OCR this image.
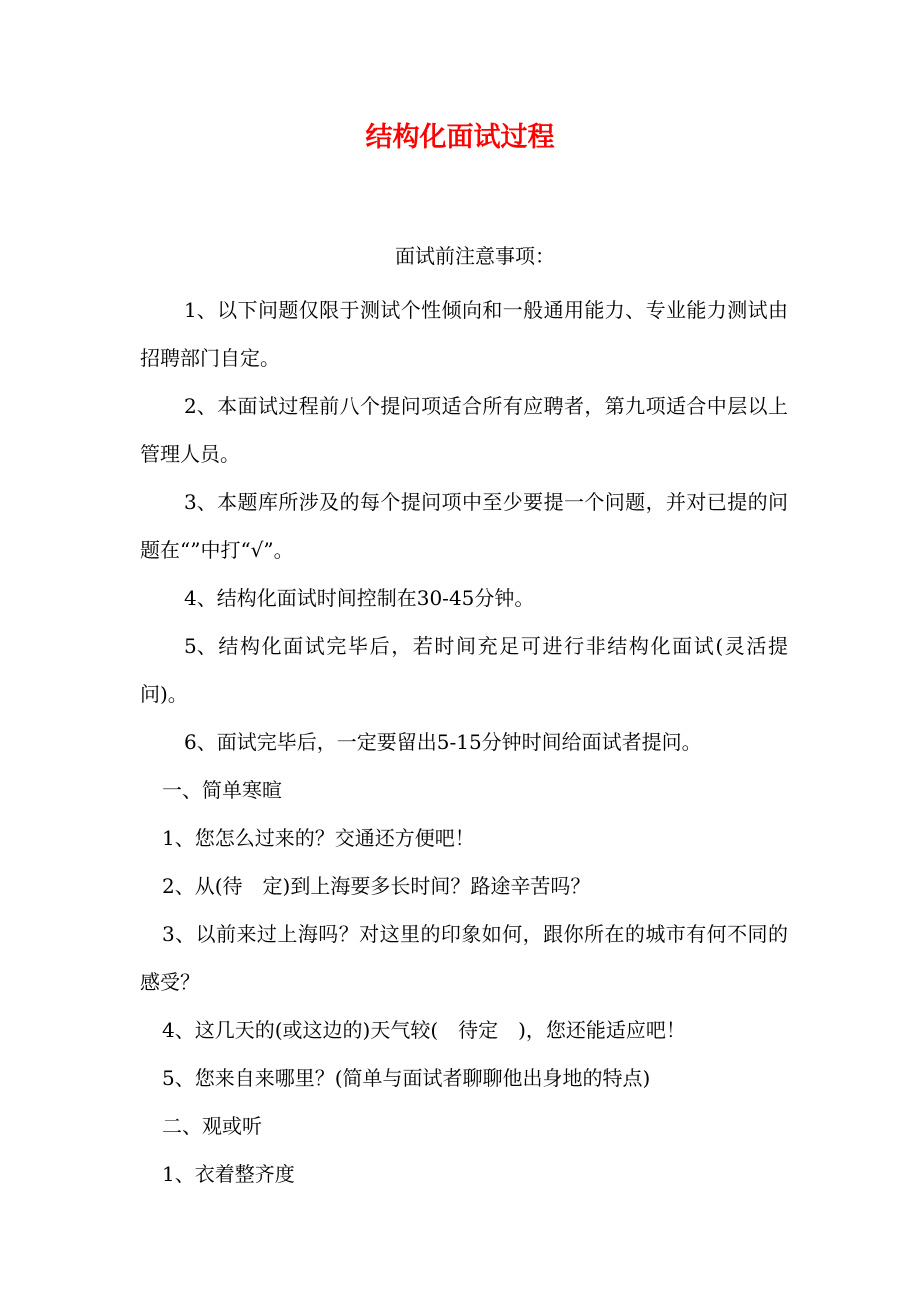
结构化面试过程

面试前注意事项：

1、以下问题仅限于测试个性倾向和一般通用能力、专业能力测试由招聘部门自定。

2、本面试过程前八个提问项适合所有应聘者，第九项适合中层以上管理人员。

3、本题库所涉及的每个提问项中至少要提一个问题，并对已提的问题在“”中打“√”。

4、结构化面试时间控制在30-45分钟。

5、结构化面试完毕后，若时间充足可进行非结构化面试(灵活提问)。

6、面试完毕后，一定要留出5-15分钟时间给面试者提问。

一、简单寒暄

1、您怎么过来的？交通还方便吧！

2、从(待　定)到上海要多长时间？路途辛苦吗？

3、以前来过上海吗？对这里的印象如何，跟你所在的城市有何不同的感受？

4、这几天的(或这边的)天气较(　待定　)，您还能适应吧！

5、您来自来哪里？(简单与面试者聊聊他出身地的特点)

二、观或听

1、衣着整齐度
